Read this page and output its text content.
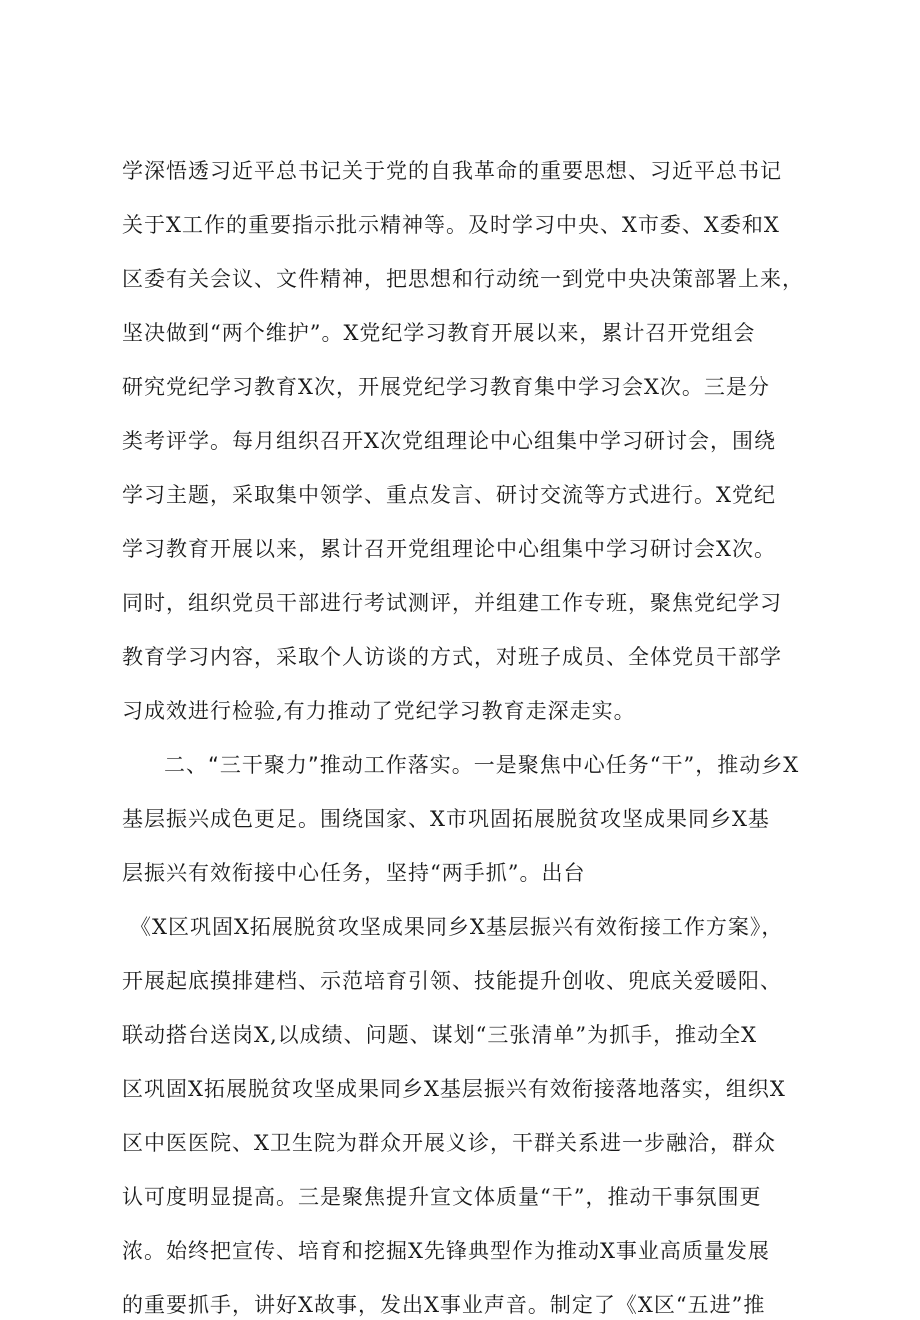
学深悟透习近平总书记关于党的自我革命的重要思想、习近平总书记
关于X工作的重要指示批示精神等。及时学习中央、X市委、X委和X
区委有关会议、文件精神，把思想和行动统一到党中央决策部署上来，
坚决做到“两个维护”。X党纪学习教育开展以来，累计召开党组会
研究党纪学习教育X次，开展党纪学习教育集中学习会X次。三是分
类考评学。每月组织召开X次党组理论中心组集中学习研讨会，围绕
学习主题，采取集中领学、重点发言、研讨交流等方式进行。X党纪
学习教育开展以来，累计召开党组理论中心组集中学习研讨会X次。
同时，组织党员干部进行考试测评，并组建工作专班，聚焦党纪学习
教育学习内容，采取个人访谈的方式，对班子成员、全体党员干部学
习成效进行检验,有力推动了党纪学习教育走深走实。
二、“三干聚力”推动工作落实。一是聚焦中心任务“干”，推动乡X
基层振兴成色更足。围绕国家、X市巩固拓展脱贫攻坚成果同乡X基
层振兴有效衔接中心任务，坚持“两手抓”。出台
《X区巩固X拓展脱贫攻坚成果同乡X基层振兴有效衔接工作方案》，
开展起底摸排建档、示范培育引领、技能提升创收、兜底关爱暖阳、
联动搭台送岗X,以成绩、问题、谋划“三张清单”为抓手，推动全X
区巩固X拓展脱贫攻坚成果同乡X基层振兴有效衔接落地落实，组织X
区中医医院、X卫生院为群众开展义诊，干群关系进一步融洽，群众
认可度明显提高。三是聚焦提升宣文体质量“干”，推动干事氛围更
浓。始终把宣传、培育和挖掘X先锋典型作为推动X事业高质量发展
的重要抓手，讲好X故事，发出X事业声音。制定了《X区“五进”推
